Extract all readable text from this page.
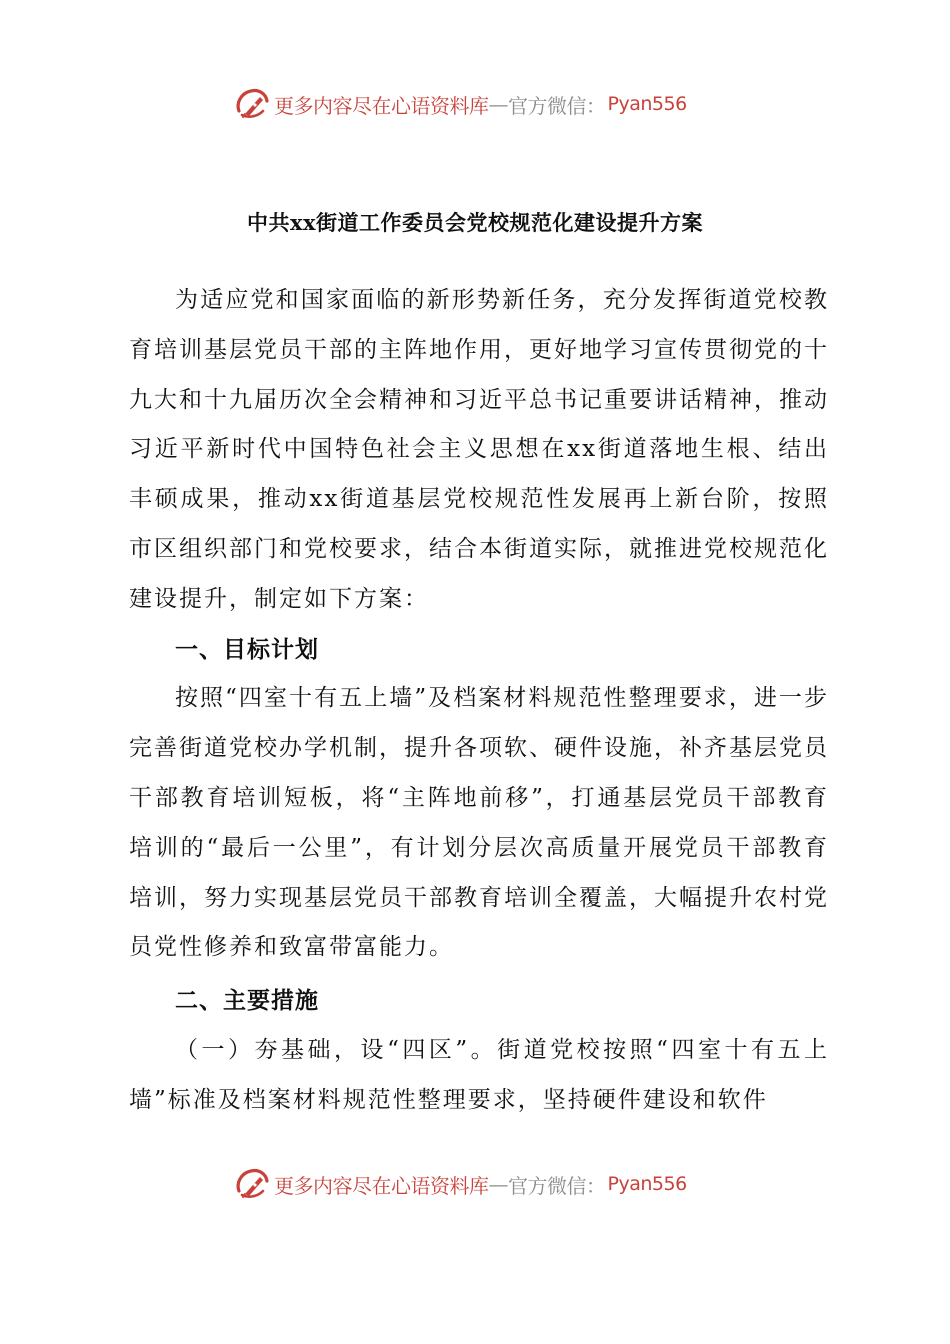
更多内容尽在心语资料库 — 官方微信： Pyan556
中共xx街道工作委员会党校规范化建设提升方案

为适应党和国家面临的新形势新任务，充分发挥街道党校教育培训基层党员干部的主阵地作用，更好地学习宣传贯彻党的十九大和十九届历次全会精神和习近平总书记重要讲话精神，推动习近平新时代中国特色社会主义思想在xx街道落地生根、结出丰硕成果，推动xx街道基层党校规范性发展再上新台阶，按照市区组织部门和党校要求，结合本街道实际，就推进党校规范化建设提升，制定如下方案：

一、目标计划

按照“四室十有五上墙”及档案材料规范性整理要求，进一步完善街道党校办学机制，提升各项软、硬件设施，补齐基层党员干部教育培训短板，将“主阵地前移”，打通基层党员干部教育培训的“最后一公里”，有计划分层次高质量开展党员干部教育培训，努力实现基层党员干部教育培训全覆盖，大幅提升农村党员党性修养和致富带富能力。

二、主要措施

（一）夯基础，设“四区”。街道党校按照“四室十有五上墙”标准及档案材料规范性整理要求，坚持硬件建设和软件

更多内容尽在心语资料库 — 官方微信： Pyan556
